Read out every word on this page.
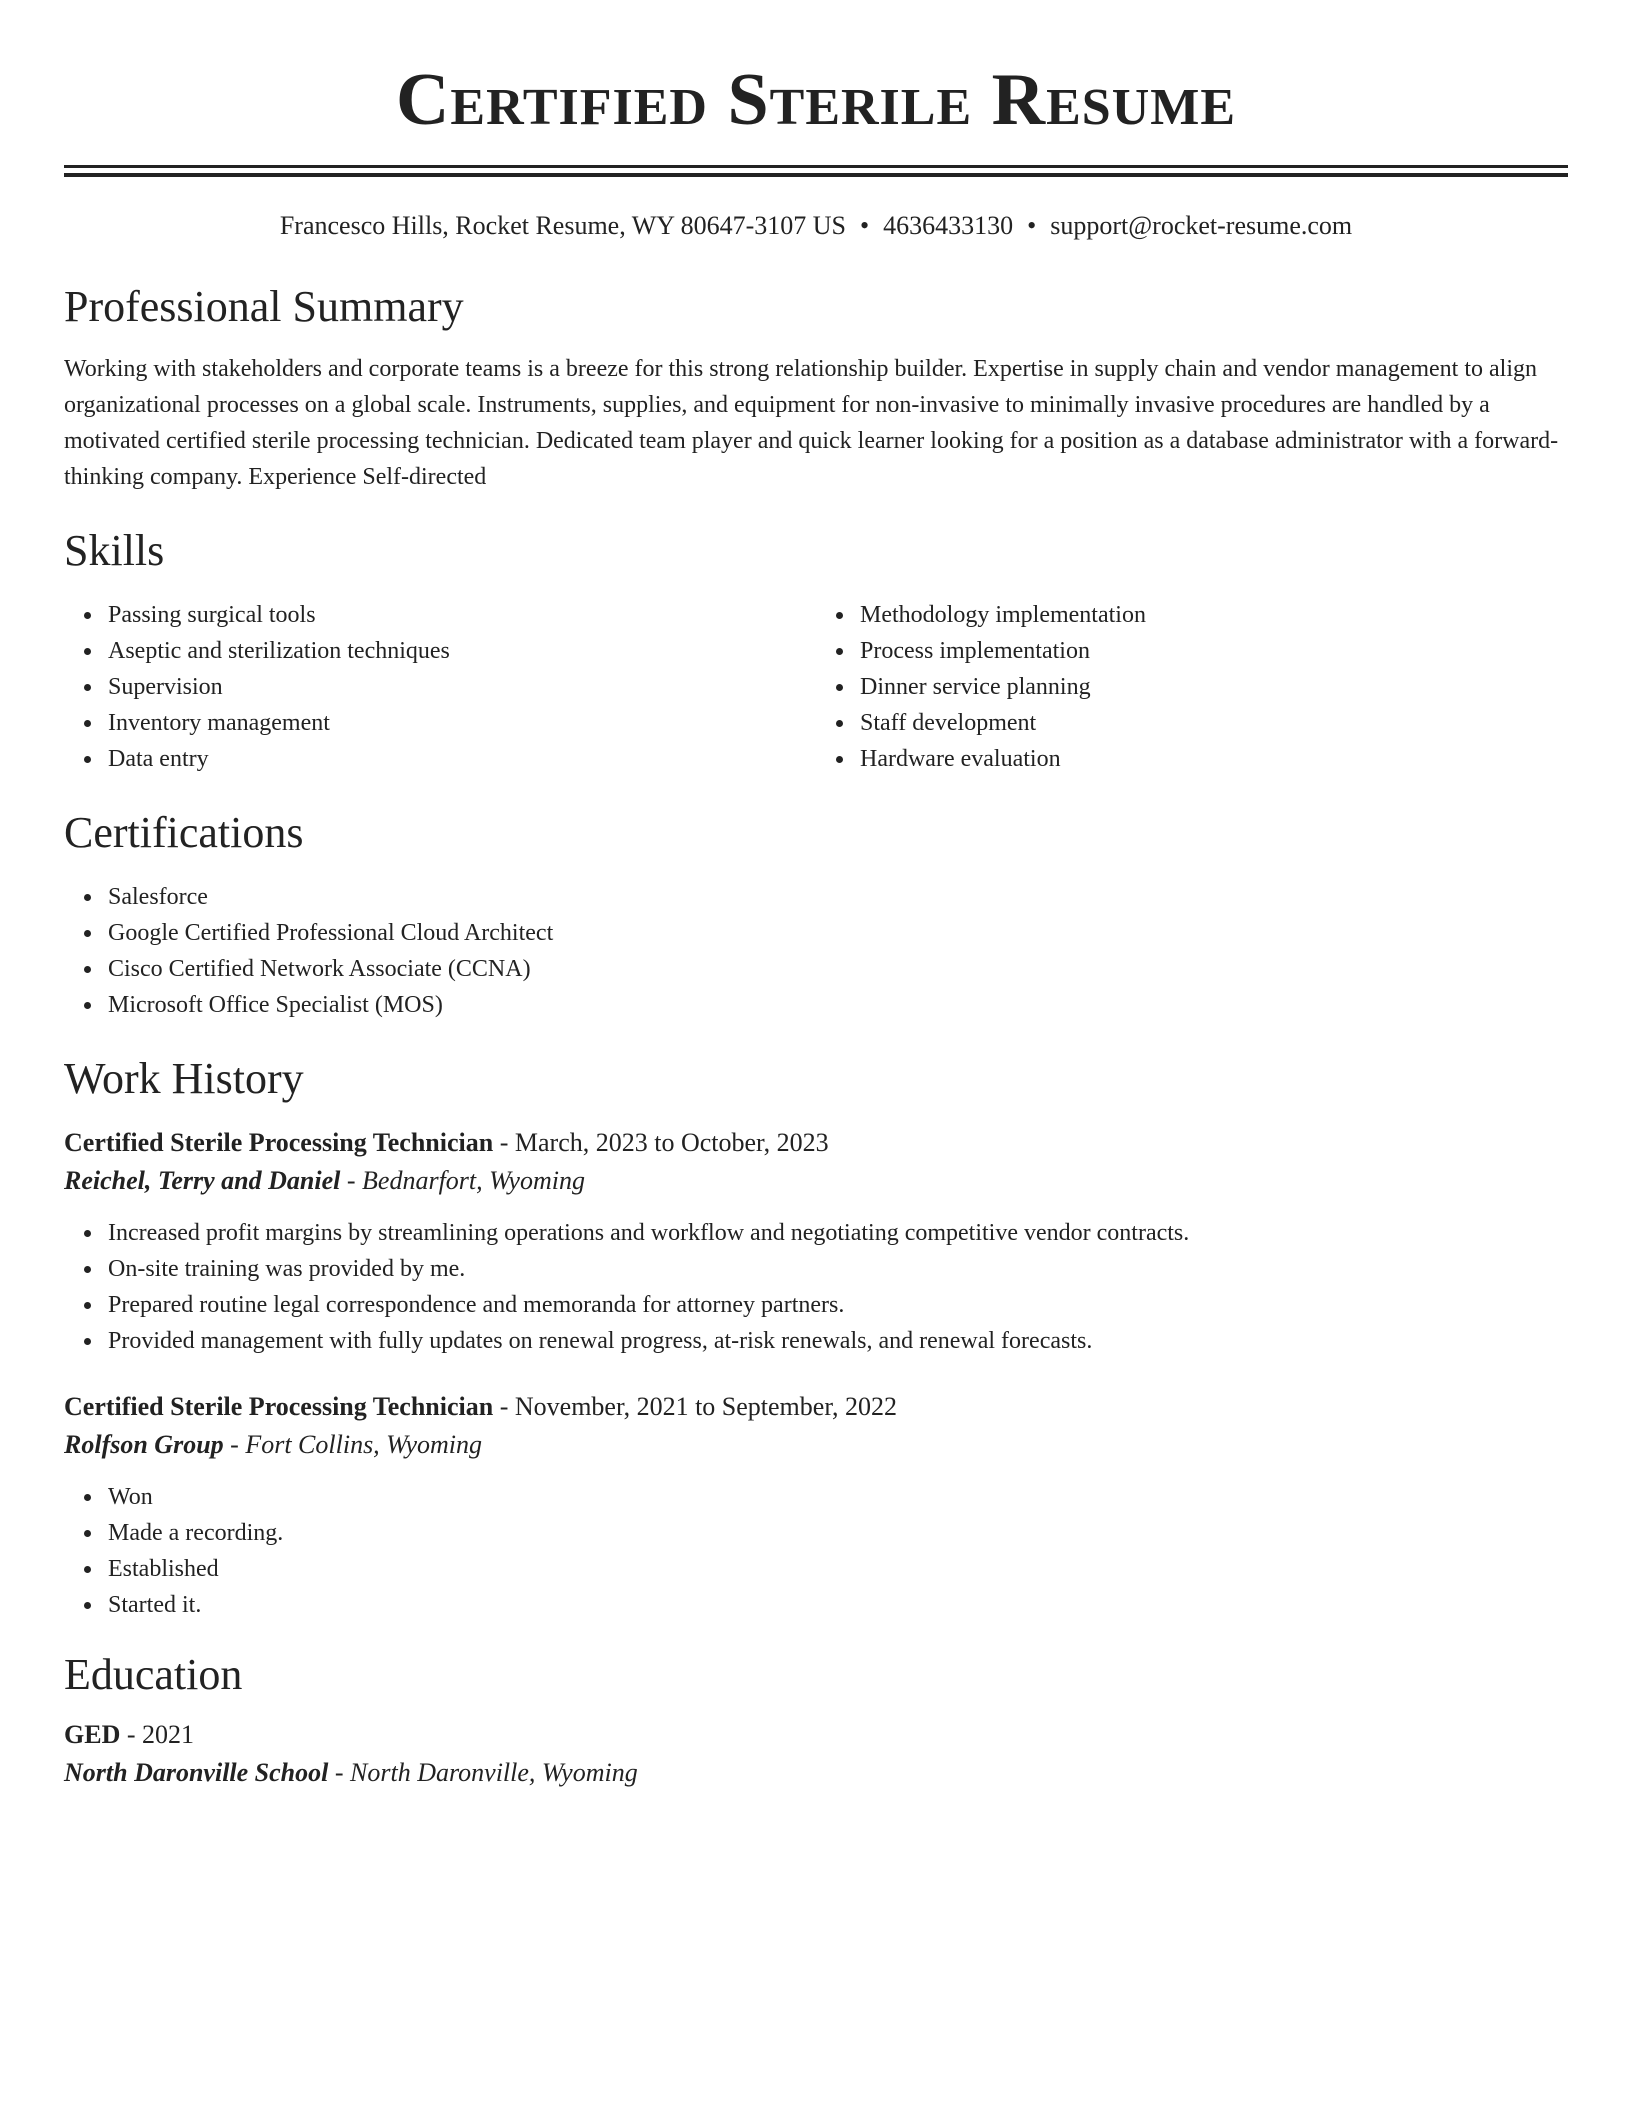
Certified Sterile Resume
Francesco Hills, Rocket Resume, WY 80647-3107 US • 4636433130 • support@rocket-resume.com
Professional Summary

Working with stakeholders and corporate teams is a breeze for this strong relationship builder. Expertise in supply chain and vendor management to align organizational processes on a global scale. Instruments, supplies, and equipment for non-invasive to minimally invasive procedures are handled by a motivated certified sterile processing technician. Dedicated team player and quick learner looking for a position as a database administrator with a forward-thinking company. Experience Self-directed

Skills
Passing surgical tools
Aseptic and sterilization techniques
Supervision
Inventory management
Data entry
Methodology implementation
Process implementation
Dinner service planning
Staff development
Hardware evaluation
Certifications
Salesforce
Google Certified Professional Cloud Architect
Cisco Certified Network Associate (CCNA)
Microsoft Office Specialist (MOS)
Work History
Certified Sterile Processing Technician - March, 2023 to October, 2023
Reichel, Terry and Daniel - Bednarfort, Wyoming
Increased profit margins by streamlining operations and workflow and negotiating competitive vendor contracts.
On-site training was provided by me.
Prepared routine legal correspondence and memoranda for attorney partners.
Provided management with fully updates on renewal progress, at-risk renewals, and renewal forecasts.
Certified Sterile Processing Technician - November, 2021 to September, 2022
Rolfson Group - Fort Collins, Wyoming
Won
Made a recording.
Established
Started it.
Education
GED - 2021
North Daronville School - North Daronville, Wyoming
